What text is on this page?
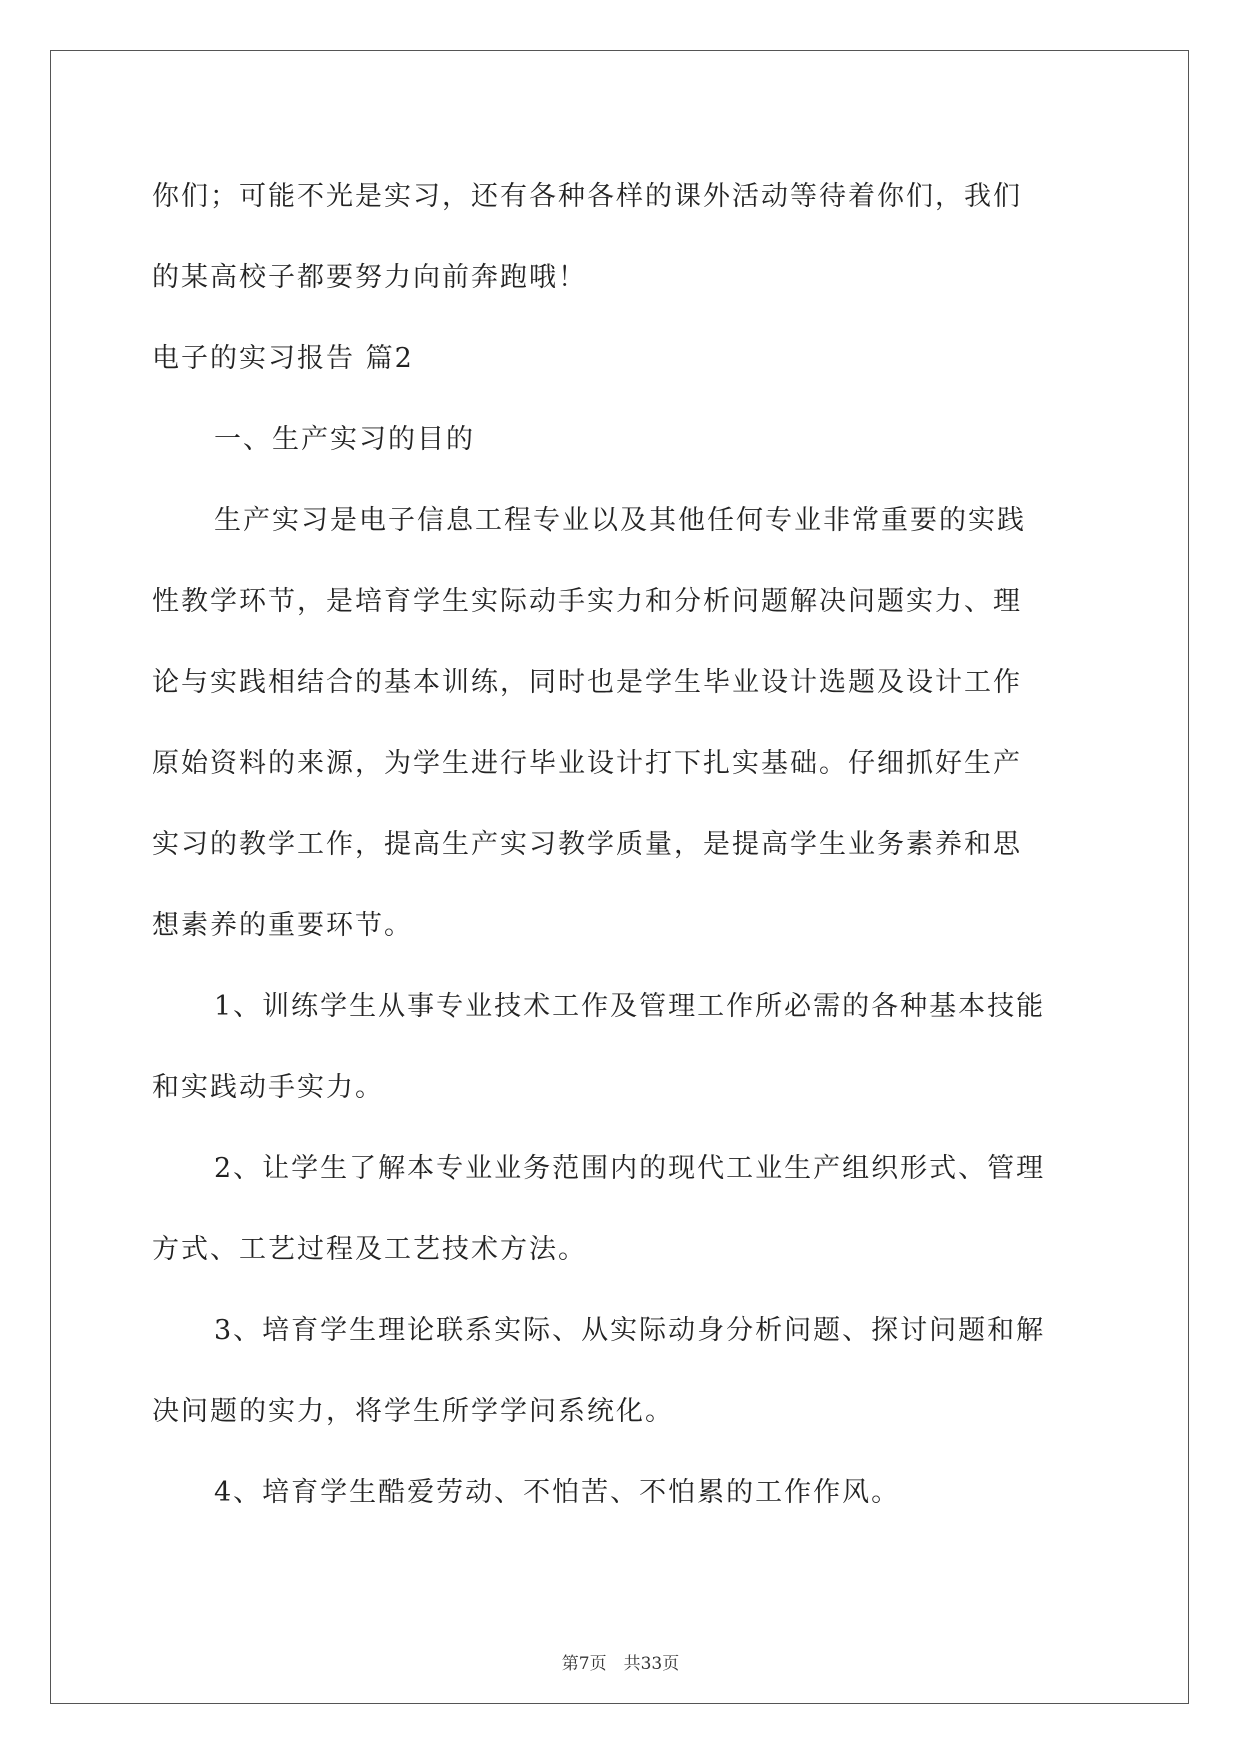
你们；可能不光是实习，还有各种各样的课外活动等待着你们，我们
的某高校子都要努力向前奔跑哦！
电子的实习报告 篇2
一、生产实习的目的
生产实习是电子信息工程专业以及其他任何专业非常重要的实践
性教学环节，是培育学生实际动手实力和分析问题解决问题实力、理
论与实践相结合的基本训练，同时也是学生毕业设计选题及设计工作
原始资料的来源，为学生进行毕业设计打下扎实基础。仔细抓好生产
实习的教学工作，提高生产实习教学质量，是提高学生业务素养和思
想素养的重要环节。
1、训练学生从事专业技术工作及管理工作所必需的各种基本技能
和实践动手实力。
2、让学生了解本专业业务范围内的现代工业生产组织形式、管理
方式、工艺过程及工艺技术方法。
3、培育学生理论联系实际、从实际动身分析问题、探讨问题和解
决问题的实力，将学生所学学问系统化。
4、培育学生酷爱劳动、不怕苦、不怕累的工作作风。
第7页　共33页
